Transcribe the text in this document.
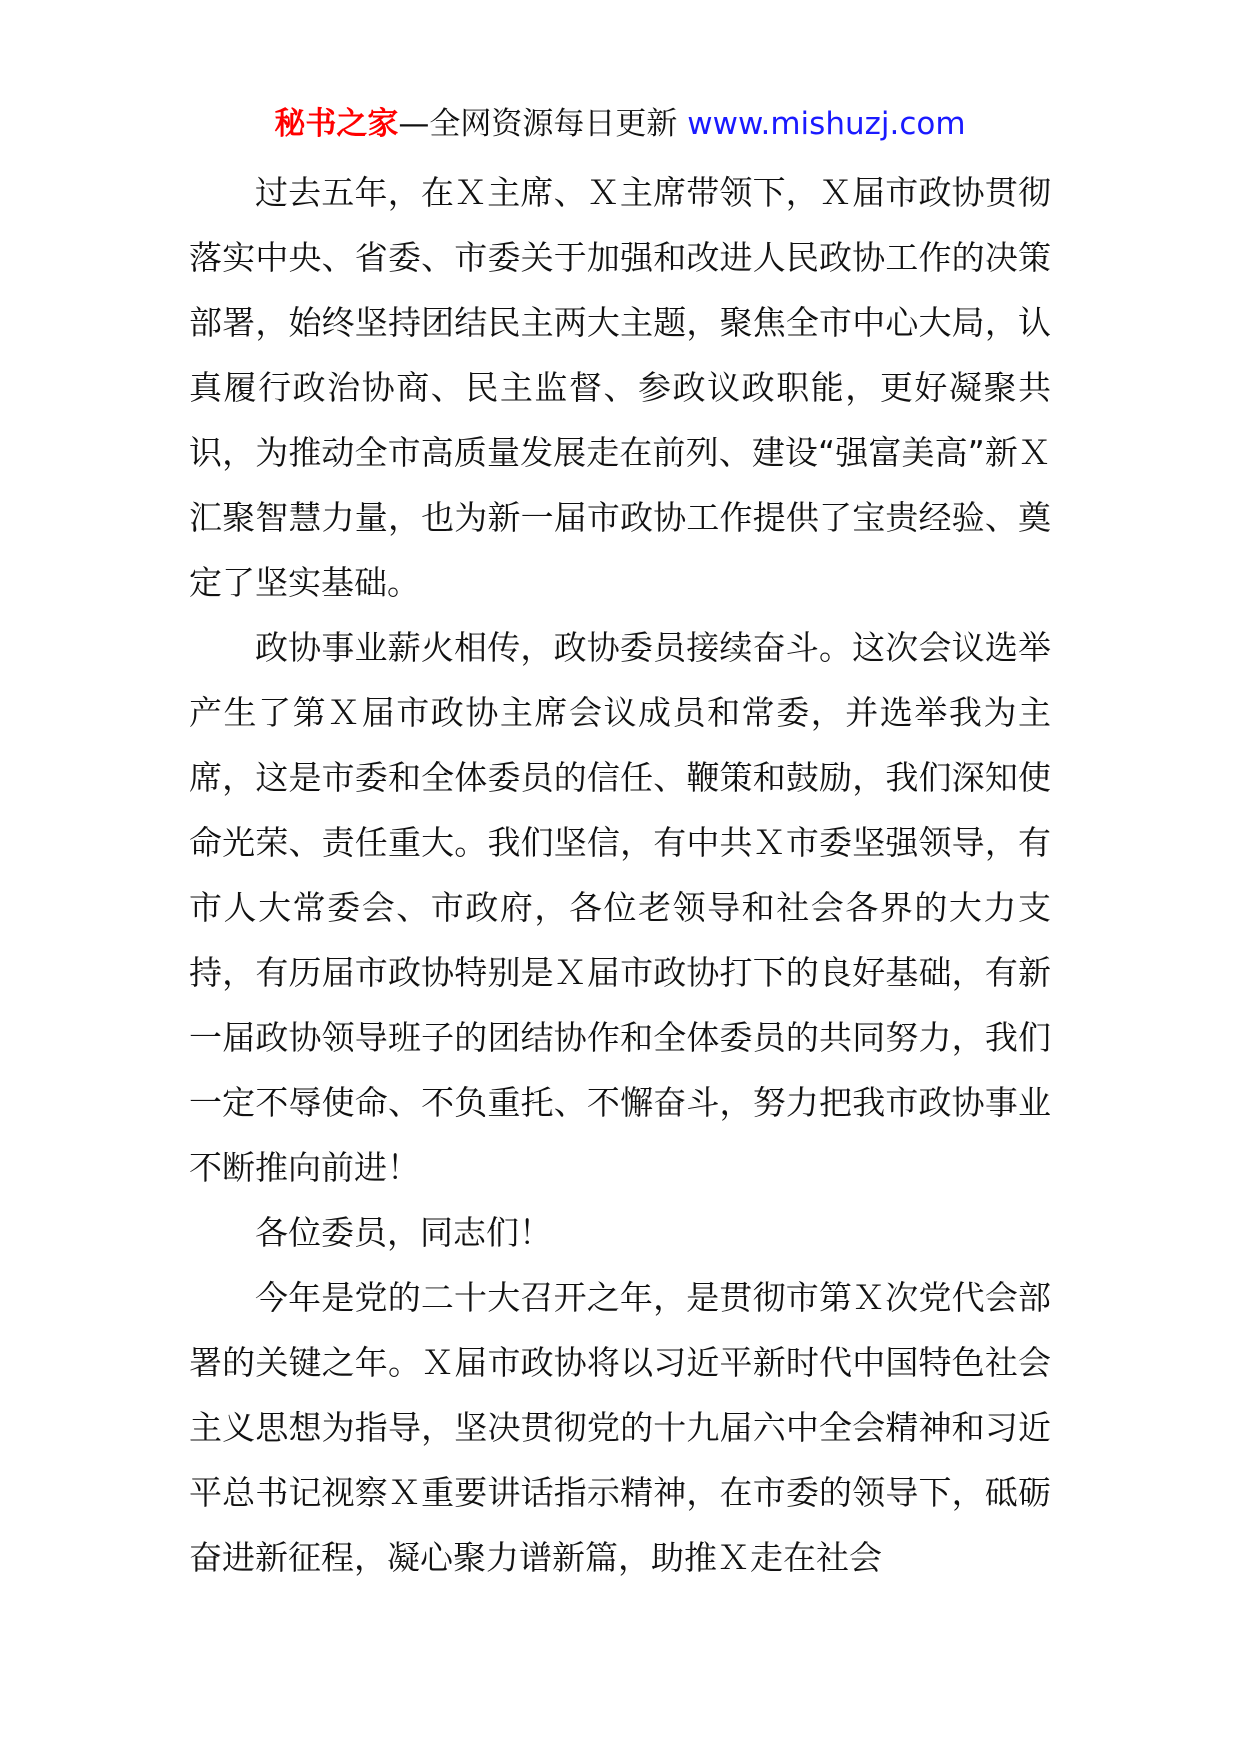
秘书之家—全网资源每日更新 www.mishuzj.com

过去五年，在Ｘ主席、Ｘ主席带领下，Ｘ届市政协贯彻落实中央、省委、市委关于加强和改进人民政协工作的决策部署，始终坚持团结民主两大主题，聚焦全市中心大局，认真履行政治协商、民主监督、参政议政职能，更好凝聚共识，为推动全市高质量发展走在前列、建设“强富美高”新Ｘ汇聚智慧力量，也为新一届市政协工作提供了宝贵经验、奠定了坚实基础。

政协事业薪火相传，政协委员接续奋斗。这次会议选举产生了第Ｘ届市政协主席会议成员和常委，并选举我为主席，这是市委和全体委员的信任、鞭策和鼓励，我们深知使命光荣、责任重大。我们坚信，有中共Ｘ市委坚强领导，有市人大常委会、市政府，各位老领导和社会各界的大力支持，有历届市政协特别是Ｘ届市政协打下的良好基础，有新一届政协领导班子的团结协作和全体委员的共同努力，我们一定不辱使命、不负重托、不懈奋斗，努力把我市政协事业不断推向前进！

各位委员，同志们！

今年是党的二十大召开之年，是贯彻市第Ｘ次党代会部署的关键之年。Ｘ届市政协将以习近平新时代中国特色社会主义思想为指导，坚决贯彻党的十九届六中全会精神和习近平总书记视察Ｘ重要讲话指示精神，在市委的领导下，砥砺奋进新征程，凝心聚力谱新篇，助推Ｘ走在社会
